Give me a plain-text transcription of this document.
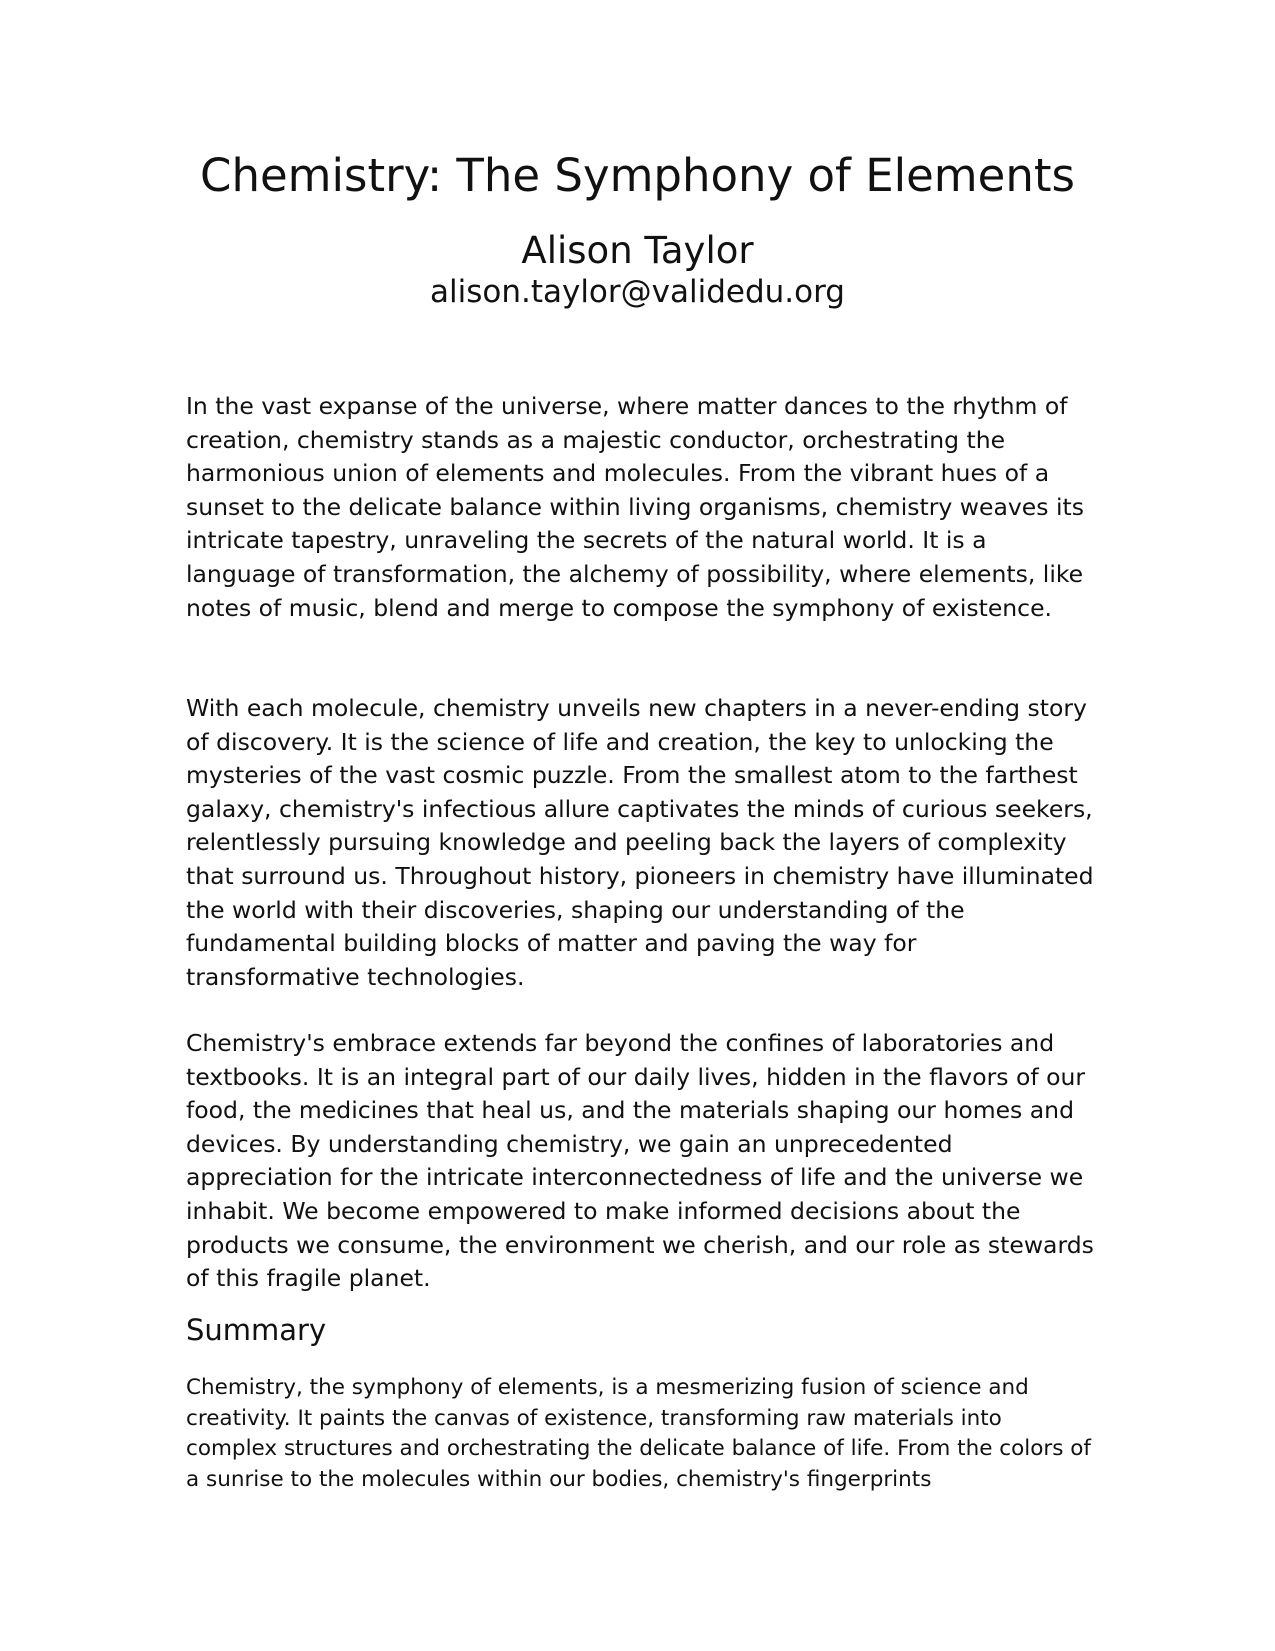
Chemistry: The Symphony of Elements
Alison Taylor
alison.taylor@validedu.org

In the vast expanse of the universe, where matter dances to the rhythm of creation, chemistry stands as a majestic conductor, orchestrating the harmonious union of elements and molecules. From the vibrant hues of a sunset to the delicate balance within living organisms, chemistry weaves its intricate tapestry, unraveling the secrets of the natural world. It is a language of transformation, the alchemy of possibility, where elements, like notes of music, blend and merge to compose the symphony of existence.

With each molecule, chemistry unveils new chapters in a never-ending story of discovery. It is the science of life and creation, the key to unlocking the mysteries of the vast cosmic puzzle. From the smallest atom to the farthest galaxy, chemistry's infectious allure captivates the minds of curious seekers, relentlessly pursuing knowledge and peeling back the layers of complexity that surround us. Throughout history, pioneers in chemistry have illuminated the world with their discoveries, shaping our understanding of the fundamental building blocks of matter and paving the way for transformative technologies.

Chemistry's embrace extends far beyond the confines of laboratories and textbooks. It is an integral part of our daily lives, hidden in the flavors of our food, the medicines that heal us, and the materials shaping our homes and devices. By understanding chemistry, we gain an unprecedented appreciation for the intricate interconnectedness of life and the universe we inhabit. We become empowered to make informed decisions about the products we consume, the environment we cherish, and our role as stewards of this fragile planet.

Summary

Chemistry, the symphony of elements, is a mesmerizing fusion of science and creativity. It paints the canvas of existence, transforming raw materials into complex structures and orchestrating the delicate balance of life. From the colors of a sunrise to the molecules within our bodies, chemistry's fingerprints
